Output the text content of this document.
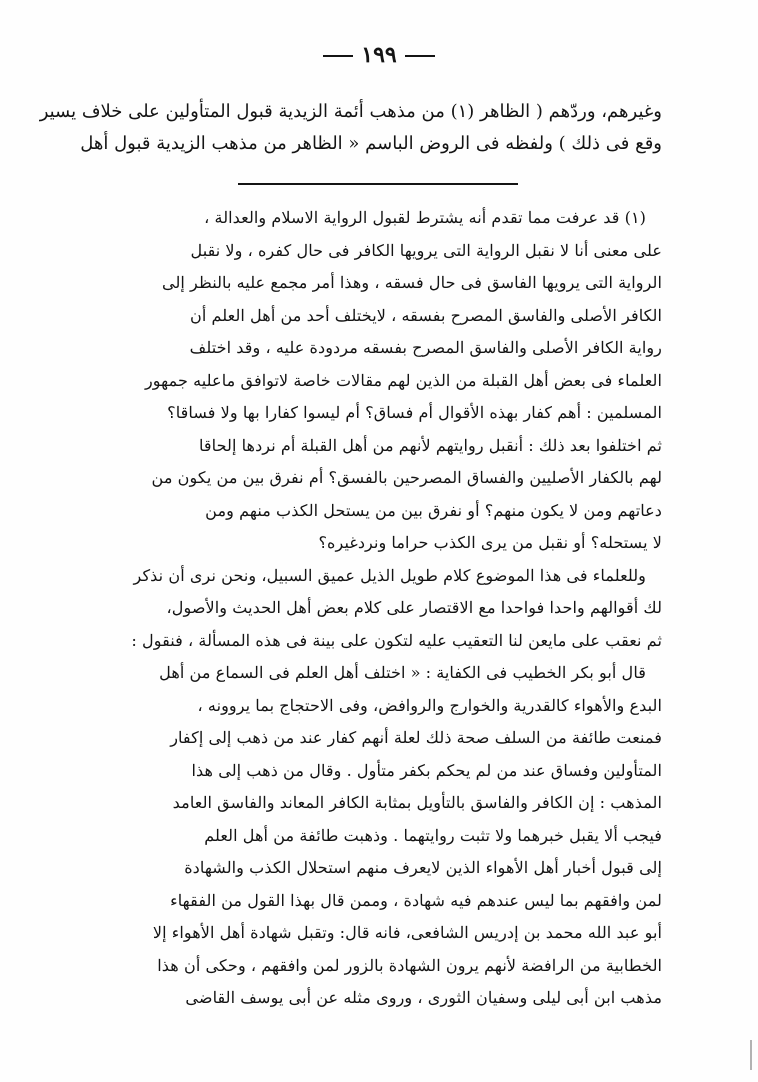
١٩٩
وغيرهم، وردّهم ( الظاهر (١) من مذهب أئمة الزيدية قبول المتأولين على خلاف يسير
وقع فى ذلك ) ولفظه فى الروض الباسم « الظاهر من مذهب الزيدية قبول أهل
(١) قد عرفت مما تقدم أنه يشترط لقبول الرواية الاسلام والعدالة ،
على معنى أنا لا نقبل الرواية التى يرويها الكافر فى حال كفره ، ولا نقبل
الرواية التى يرويها الفاسق فى حال فسقه ، وهذا أمر مجمع عليه بالنظر إلى
الكافر الأصلى والفاسق المصرح بفسقه ، لايختلف أحد من أهل العلم أن
رواية الكافر الأصلى والفاسق المصرح بفسقه مردودة عليه ، وقد اختلف
العلماء فى بعض أهل القبلة من الذين لهم مقالات خاصة لاتوافق ماعليه جمهور
المسلمين : أهم كفار بهذه الأقوال أم فساق؟ أم ليسوا كفارا بها ولا فساقا؟
ثم اختلفوا بعد ذلك : أنقبل روايتهم لأنهم من أهل القبلة أم نردها إلحاقا
لهم بالكفار الأصليين والفساق المصرحين بالفسق؟ أم نفرق بين من يكون من
دعاتهم ومن لا يكون منهم؟ أو نفرق بين من يستحل الكذب منهم ومن
لا يستحله؟ أو نقبل من يرى الكذب حراما ونردغيره؟
وللعلماء فى هذا الموضوع كلام طويل الذيل عميق السبيل، ونحن نرى أن نذكر
لك أقوالهم واحدا فواحدا مع الاقتصار على كلام بعض أهل الحديث والأصول،
ثم نعقب على مايعن لنا التعقيب عليه لتكون على بينة فى هذه المسألة ، فنقول :
قال أبو بكر الخطيب فى الكفاية : « اختلف أهل العلم فى السماع من أهل
البدع والأهواء كالقدرية والخوارج والروافض، وفى الاحتجاج بما يروونه ،
فمنعت طائفة من السلف صحة ذلك لعلة أنهم كفار عند من ذهب إلى إكفار
المتأولين وفساق عند من لم يحكم بكفر متأول . وقال من ذهب إلى هذا
المذهب : إن الكافر والفاسق بالتأويل بمثابة الكافر المعاند والفاسق العامد
فيجب ألا يقبل خبرهما ولا تثبت روايتهما . وذهبت طائفة من أهل العلم
إلى قبول أخبار أهل الأهواء الذين لايعرف منهم استحلال الكذب والشهادة
لمن وافقهم بما ليس عندهم فيه شهادة ، وممن قال بهذا القول من الفقهاء
أبو عبد الله محمد بن إدريس الشافعى، فانه قال: وتقبل شهادة أهل الأهواء إلا
الخطابية من الرافضة لأنهم يرون الشهادة بالزور لمن وافقهم ، وحكى أن هذا
مذهب ابن أبى ليلى وسفيان الثورى ، وروى مثله عن أبى يوسف القاضى
